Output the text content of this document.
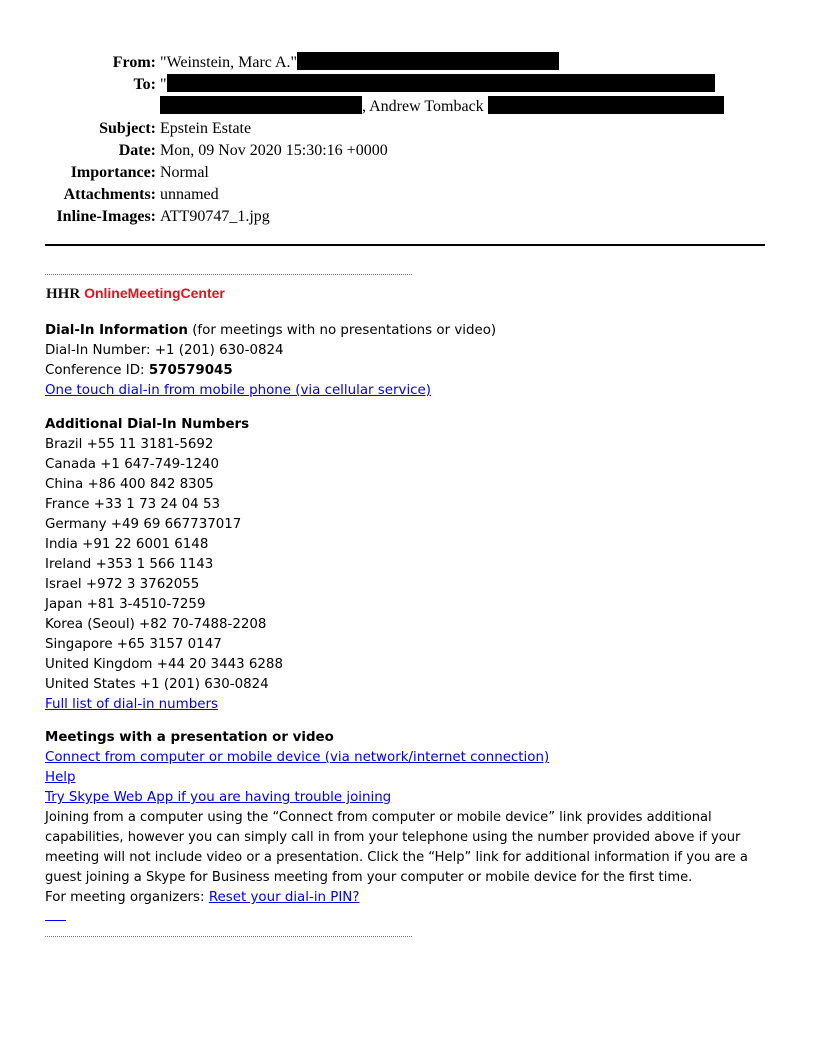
From: "Weinstein, Marc A."
To: "
, Andrew Tomback
Subject: Epstein Estate
Date: Mon, 09 Nov 2020 15:30:16 +0000
Importance: Normal
Attachments: unnamed
Inline-Images: ATT90747_1.jpg
HHR OnlineMeetingCenter
Dial-In Information (for meetings with no presentations or video)
Dial-In Number: +1 (201) 630-0824
Conference ID: 570579045
One touch dial-in from mobile phone (via cellular service)
Additional Dial-In Numbers
Brazil +55 11 3181-5692
Canada +1 647-749-1240
China +86 400 842 8305
France +33 1 73 24 04 53
Germany +49 69 667737017
India +91 22 6001 6148
Ireland +353 1 566 1143
Israel +972 3 3762055
Japan +81 3-4510-7259
Korea (Seoul) +82 70-7488-2208
Singapore +65 3157 0147
United Kingdom +44 20 3443 6288
United States +1 (201) 630-0824
Full list of dial-in numbers
Meetings with a presentation or video
Connect from computer or mobile device (via network/internet connection)
Help
Try Skype Web App if you are having trouble joining
Joining from a computer using the “Connect from computer or mobile device” link provides additional capabilities, however you can simply call in from your telephone using the number provided above if your meeting will not include video or a presentation. Click the “Help” link for additional information if you are a guest joining a Skype for Business meeting from your computer or mobile device for the first time.
For meeting organizers: Reset your dial-in PIN?
